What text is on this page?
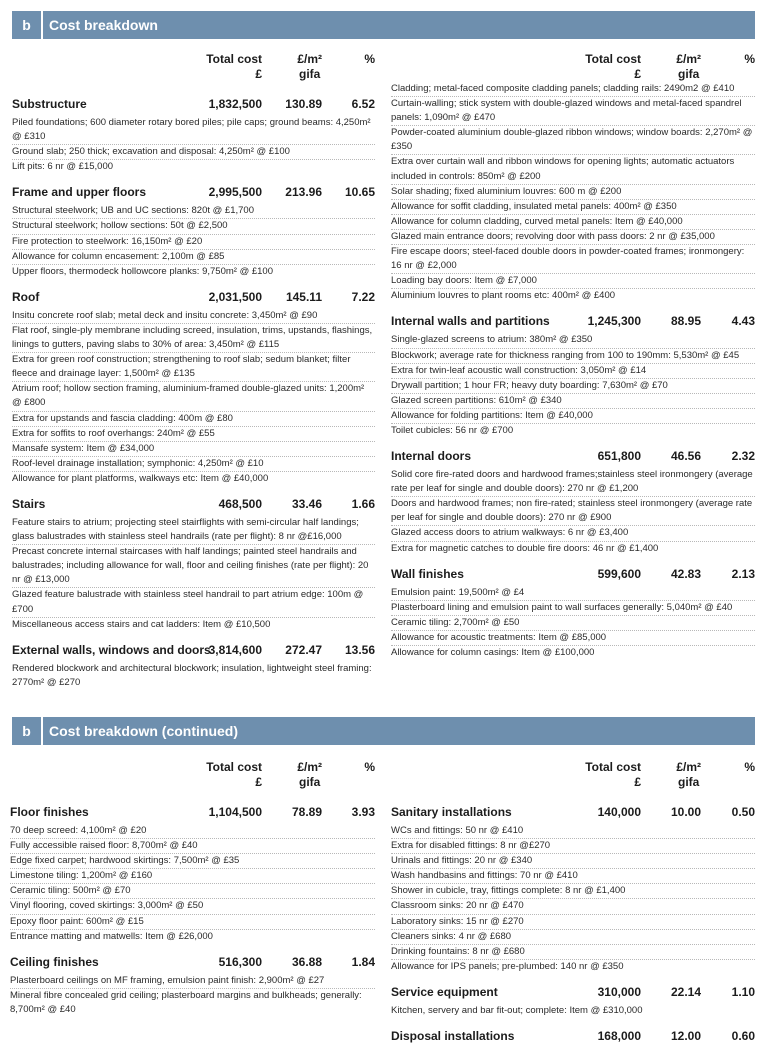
b	Cost breakdown
Total cost
£
£/m²
gifa
%
Substructure	1,832,500 130.89 6.52
Piled foundations; 600 diameter rotary bored piles; pile caps; ground beams: 4,250m² @ £310
Ground slab; 250 thick; excavation and disposal: 4,250m² @ £100
Lift pits: 6 nr @ £15,000
Frame and upper floors	2,995,500 213.96 10.65
Structural steelwork; UB and UC sections: 820t @ £1,700
Structural steelwork; hollow sections: 50t @ £2,500
Fire protection to steelwork: 16,150m² @ £20
Allowance for column encasement: 2,100m @ £85
Upper floors, thermodeck hollowcore planks: 9,750m² @ £100
Roof	2,031,500 145.11 7.22
Insitu concrete roof slab; metal deck and insitu concrete: 3,450m² @ £90
Flat roof, single-ply membrane including screed, insulation, trims, upstands, flashings, linings to gutters, paving slabs to 30% of area: 3,450m² @ £115
Extra for green roof construction; strengthening to roof slab; sedum blanket; filter fleece and drainage layer: 1,500m² @ £135
Atrium roof; hollow section framing, aluminium-framed double-glazed units: 1,200m² @ £800
Extra for upstands and fascia cladding: 400m @ £80
Extra for soffits to roof overhangs: 240m² @ £55
Mansafe system: Item @ £34,000
Roof-level drainage installation; symphonic: 4,250m² @ £10
Allowance for plant platforms, walkways etc: Item @ £40,000
Stairs	468,500 33.46 1.66
Feature stairs to atrium; projecting steel stairflights with semi-circular half landings; glass balustrades with stainless steel handrails (rate per flight): 8 nr @£16,000
Precast concrete internal staircases with half landings; painted steel handrails and balustrades; including allowance for wall, floor and ceiling finishes (rate per flight): 20 nr @ £13,000
Glazed feature balustrade with stainless steel handrail to part atrium edge: 100m @ £700
Miscellaneous access stairs and cat ladders: Item @ £10,500
External walls, windows and doors
3,814,600 272.47 13.56
Rendered blockwork and architectural blockwork; insulation, lightweight steel framing: 2770m² @ £270
Total cost
£
£/m²
gifa
%
Cladding; metal-faced composite cladding panels; cladding rails: 2490m2 @ £410
Curtain-walling; stick system with double-glazed windows and metal-faced spandrel panels: 1,090m² @ £470
Powder-coated aluminium double-glazed ribbon windows; window boards: 2,270m² @ £350
Extra over curtain wall and ribbon windows for opening lights; automatic actuators included in controls: 850m² @ £200
Solar shading; fixed aluminium louvres: 600 m @ £200
Allowance for soffit cladding, insulated metal panels: 400m² @ £350
Allowance for column cladding, curved metal panels: Item @ £40,000
Glazed main entrance doors; revolving door with pass doors: 2 nr @ £35,000
Fire escape doors; steel-faced double doors in powder-coated frames; ironmongery: 16 nr @ £2,000
Loading bay doors: Item @ £7,000
Aluminium louvres to plant rooms etc: 400m² @ £400
Internal walls and partitions	1,245,300 88.95	4.43
Single-glazed screens to atrium: 380m² @ £350
Blockwork; average rate for thickness ranging from 100 to 190mm: 5,530m² @ £45
Extra for twin-leaf acoustic wall construction: 3,050m² @ £14
Drywall partition; 1 hour FR; heavy duty boarding: 7,630m² @ £70
Glazed screen partitions: 610m² @ £340
Allowance for folding partitions: Item @ £40,000
Toilet cubicles: 56 nr @ £700
Internal doors	651,800 46.56	2.32
Solid core fire-rated doors and hardwood frames;stainless steel ironmongery (average rate per leaf for single and double doors): 270 nr @ £1,200
Doors and hardwood frames; non fire-rated; stainless steel ironmongery (average rate per leaf for single and double doors): 270 nr @ £900
Glazed access doors to atrium walkways: 6 nr @ £3,400
Extra for magnetic catches to double fire doors: 46 nr @ £1,400
Wall finishes	599,600 42.83	2.13
Emulsion paint: 19,500m² @ £4
Plasterboard lining and emulsion paint to wall surfaces generally: 5,040m² @ £40
Ceramic tiling: 2,700m² @ £50
Allowance for acoustic treatments: Item @ £85,000
Allowance for column casings: Item @ £100,000
b	Cost breakdown (continued)
Total cost
£
£/m²
gifa
%
Floor finishes	1,104,500 78.89 3.93
70 deep screed: 4,100m² @ £20
Fully accessible raised floor: 8,700m² @ £40
Edge fixed carpet; hardwood skirtings: 7,500m² @ £35
Limestone tiling: 1,200m² @ £160
Ceramic tiling: 500m² @ £70
Vinyl flooring, coved skirtings: 3,000m² @ £50
Epoxy floor paint: 600m² @ £15
Entrance matting and matwells: Item @ £26,000
Ceiling finishes	516,300 36.88 1.84
Plasterboard ceilings on MF framing, emulsion paint finish: 2,900m² @ £27
Mineral fibre concealed grid ceiling; plasterboard margins and bulkheads; generally: 8,700m² @ £40
Total cost
£
£/m²
gifa
%
Sanitary installations	140,000 10.00	0.50
WCs and fittings: 50 nr @ £410
Extra for disabled fittings: 8 nr @£270
Urinals and fittings: 20 nr @ £340
Wash handbasins and fittings: 70 nr @ £410
Shower in cubicle, tray, fittings complete: 8 nr @ £1,400
Classroom sinks: 20 nr @ £470
Laboratory sinks: 15 nr @ £270
Cleaners sinks: 4 nr @ £680
Drinking fountains: 8 nr @ £680
Allowance for IPS panels; pre-plumbed: 140 nr @ £350
Service equipment	310,000 22.14	1.10
Kitchen, servery and bar fit-out; complete: Item @ £310,000
Disposal installations	168,000 12.00	0.60
